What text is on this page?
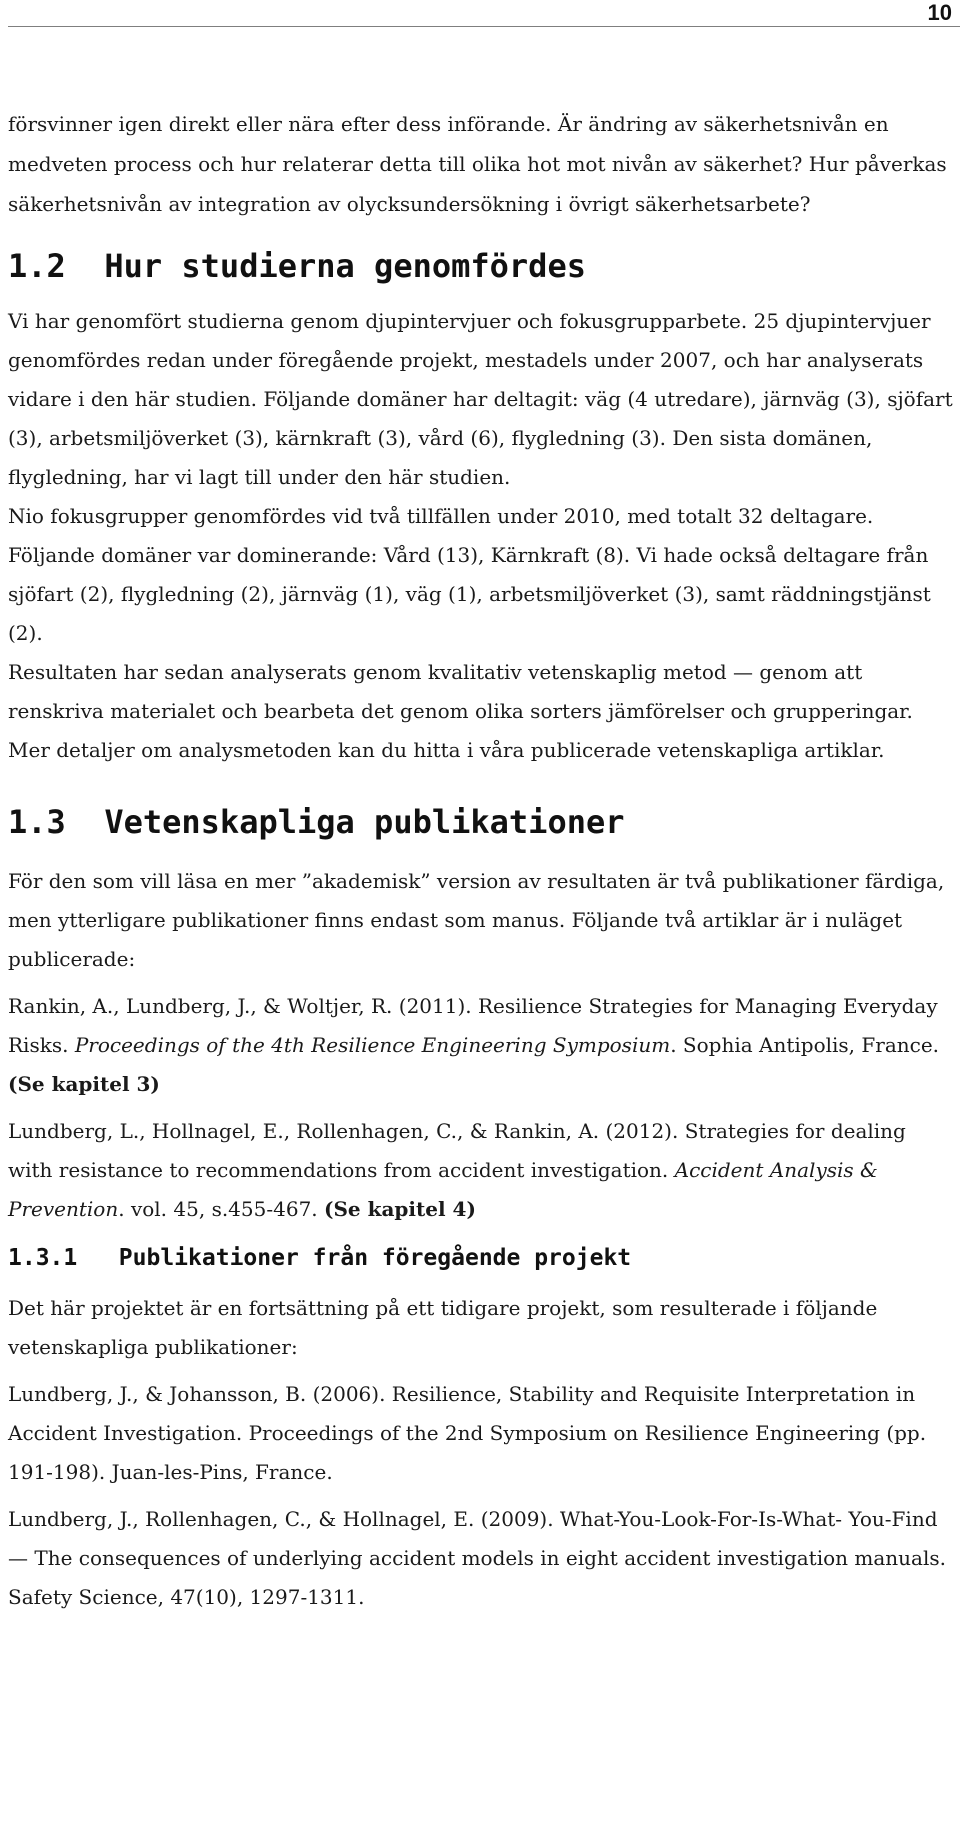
10

försvinner igen direkt eller nära efter dess införande. Är ändring av säkerhetsnivån en medveten process och hur relaterar detta till olika hot mot nivån av säkerhet? Hur påverkas säkerhetsnivån av integration av olycksundersökning i övrigt säkerhetsarbete?

1.2 Hur studierna genomfördes

Vi har genomfört studierna genom djupintervjuer och fokusgrupparbete. 25 djupintervjuer genomfördes redan under föregående projekt, mestadels under 2007, och har analyserats vidare i den här studien. Följande domäner har deltagit: väg (4 utredare), järnväg (3), sjöfart (3), arbetsmiljöverket (3), kärnkraft (3), vård (6), flygledning (3). Den sista domänen, flygledning, har vi lagt till under den här studien.

Nio fokusgrupper genomfördes vid två tillfällen under 2010, med totalt 32 deltagare. Följande domäner var dominerande: Vård (13), Kärnkraft (8). Vi hade också deltagare från sjöfart (2), flygledning (2), järnväg (1), väg (1), arbetsmiljöverket (3), samt räddningstjänst (2).

Resultaten har sedan analyserats genom kvalitativ vetenskaplig metod — genom att renskriva materialet och bearbeta det genom olika sorters jämförelser och grupperingar. Mer detaljer om analysmetoden kan du hitta i våra publicerade vetenskapliga artiklar.

1.3 Vetenskapliga publikationer

För den som vill läsa en mer ”akademisk” version av resultaten är två publikationer färdiga, men ytterligare publikationer finns endast som manus. Följande två artiklar är i nuläget publicerade:

Rankin, A., Lundberg, J., & Woltjer, R. (2011). Resilience Strategies for Managing Everyday Risks. Proceedings of the 4th Resilience Engineering Symposium. Sophia Antipolis, France. (Se kapitel 3)

Lundberg, L., Hollnagel, E., Rollenhagen, C., & Rankin, A. (2012). Strategies for dealing with resistance to recommendations from accident investigation. Accident Analysis & Prevention. vol. 45, s.455-467. (Se kapitel 4)

1.3.1 Publikationer från föregående projekt

Det här projektet är en fortsättning på ett tidigare projekt, som resulterade i följande vetenskapliga publikationer:

Lundberg, J., & Johansson, B. (2006). Resilience, Stability and Requisite Interpretation in Accident Investigation. Proceedings of the 2nd Symposium on Resilience Engineering (pp. 191-198). Juan-les-Pins, France.

Lundberg, J., Rollenhagen, C., & Hollnagel, E. (2009). What-You-Look-For-Is-What- You-Find — The consequences of underlying accident models in eight accident investigation manuals. Safety Science, 47(10), 1297-1311.
